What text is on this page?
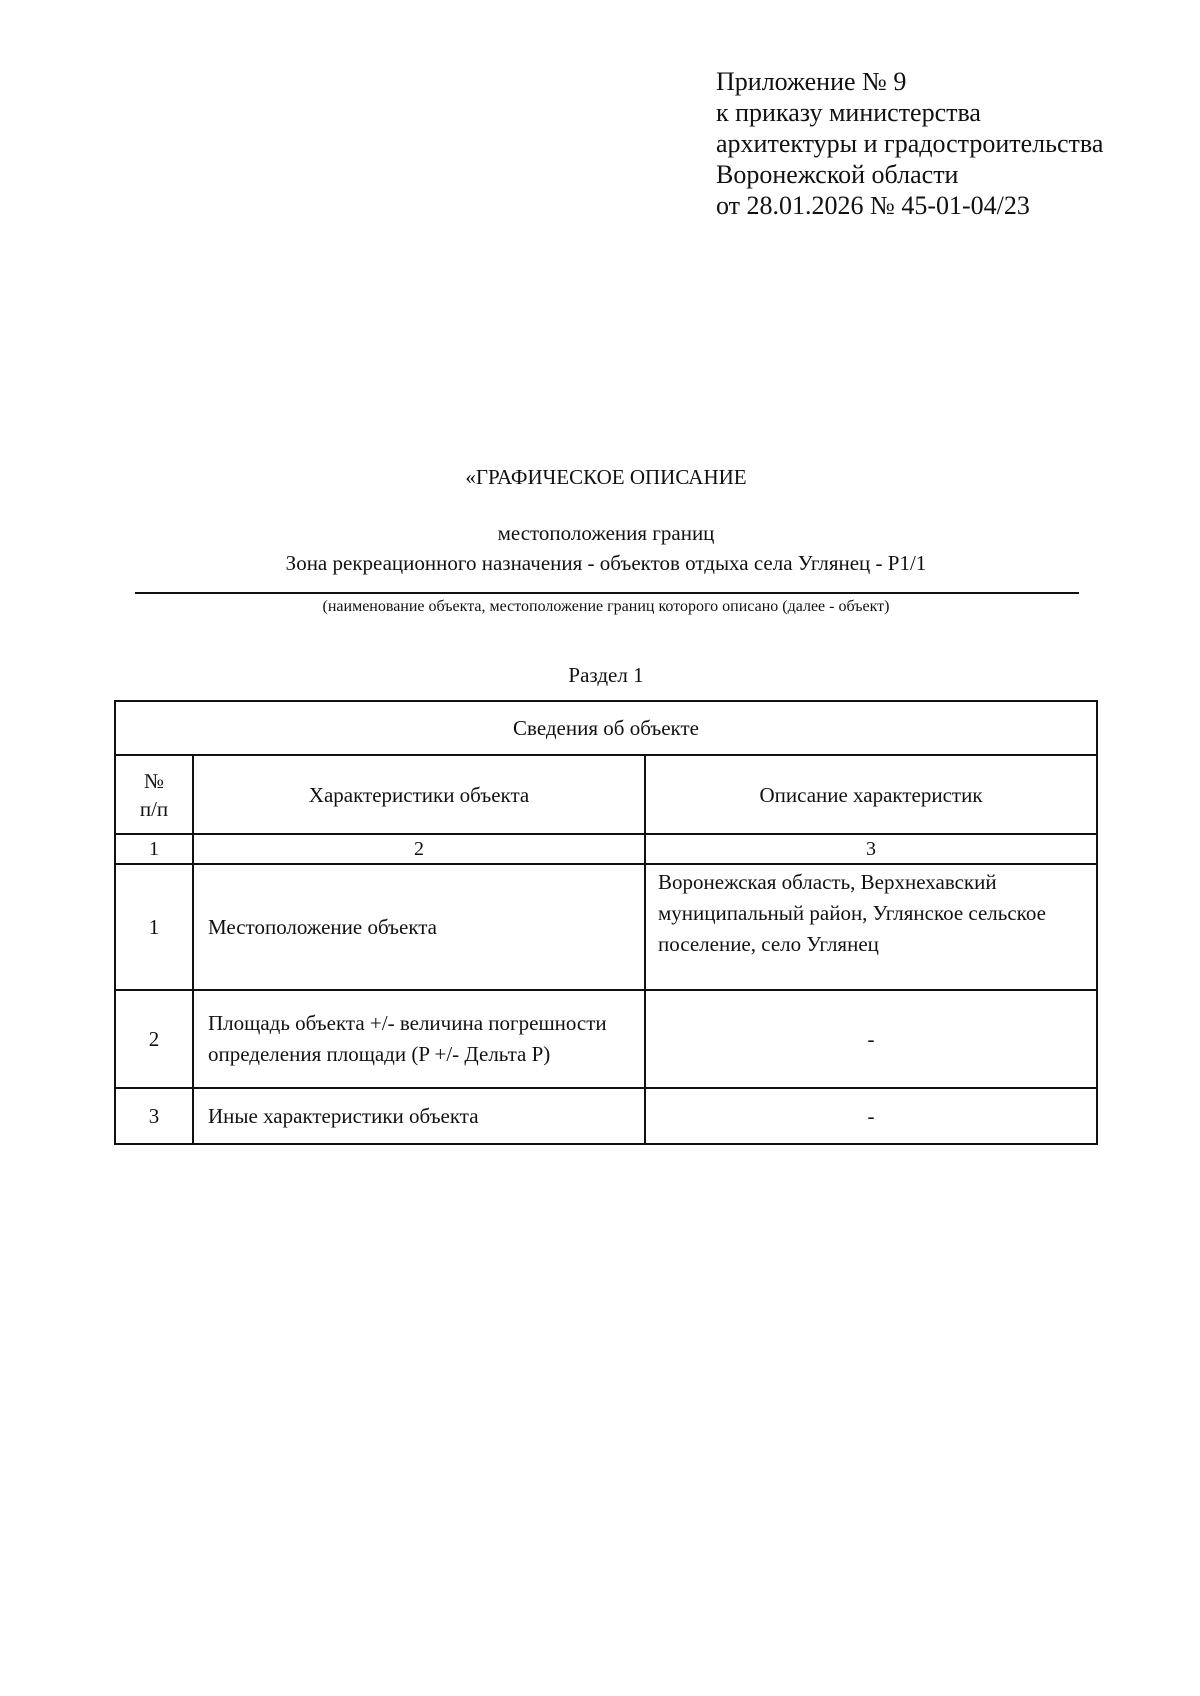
Приложение № 9
к приказу министерства
архитектуры и градостроительства
Воронежской области
от 28.01.2026 № 45-01-04/23
«ГРАФИЧЕСКОЕ ОПИСАНИЕ
местоположения границ
Зона рекреационного назначения - объектов отдыха села Углянец - Р1/1
(наименование объекта, местоположение границ которого описано (далее - объект)
Раздел 1
Сведения об объекте		

№
п/п	Характеристики объекта	Описание характеристик
1	2	3
1	Местоположение объекта	Воронежская область, Верхнехавский муниципальный район, Углянское сельское поселение, село Углянец
2	Площадь объекта +/- величина погрешности определения площади (P +/- Дельта P)	-
3	Иные характеристики объекта	-
